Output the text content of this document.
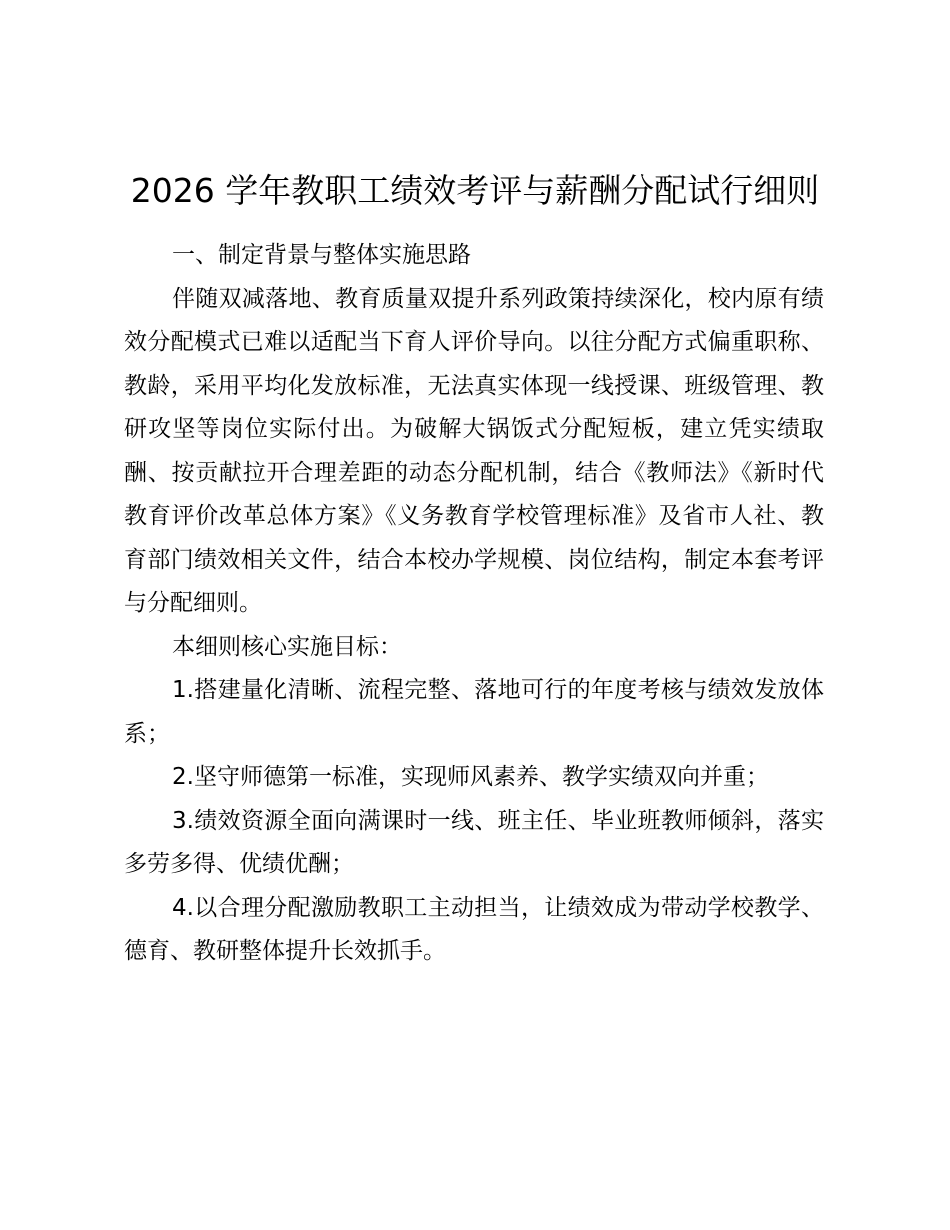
2026 学年教职工绩效考评与薪酬分配试行细则

一、制定背景与整体实施思路

伴随双减落地、教育质量双提升系列政策持续深化，校内原有绩效分配模式已难以适配当下育人评价导向。以往分配方式偏重职称、教龄，采用平均化发放标准，无法真实体现一线授课、班级管理、教研攻坚等岗位实际付出。为破解大锅饭式分配短板，建立凭实绩取酬、按贡献拉开合理差距的动态分配机制，结合《教师法》《新时代教育评价改革总体方案》《义务教育学校管理标准》及省市人社、教育部门绩效相关文件，结合本校办学规模、岗位结构，制定本套考评与分配细则。

本细则核心实施目标：

1.搭建量化清晰、流程完整、落地可行的年度考核与绩效发放体系；

2.坚守师德第一标准，实现师风素养、教学实绩双向并重；

3.绩效资源全面向满课时一线、班主任、毕业班教师倾斜，落实多劳多得、优绩优酬；

4.以合理分配激励教职工主动担当，让绩效成为带动学校教学、德育、教研整体提升长效抓手。
